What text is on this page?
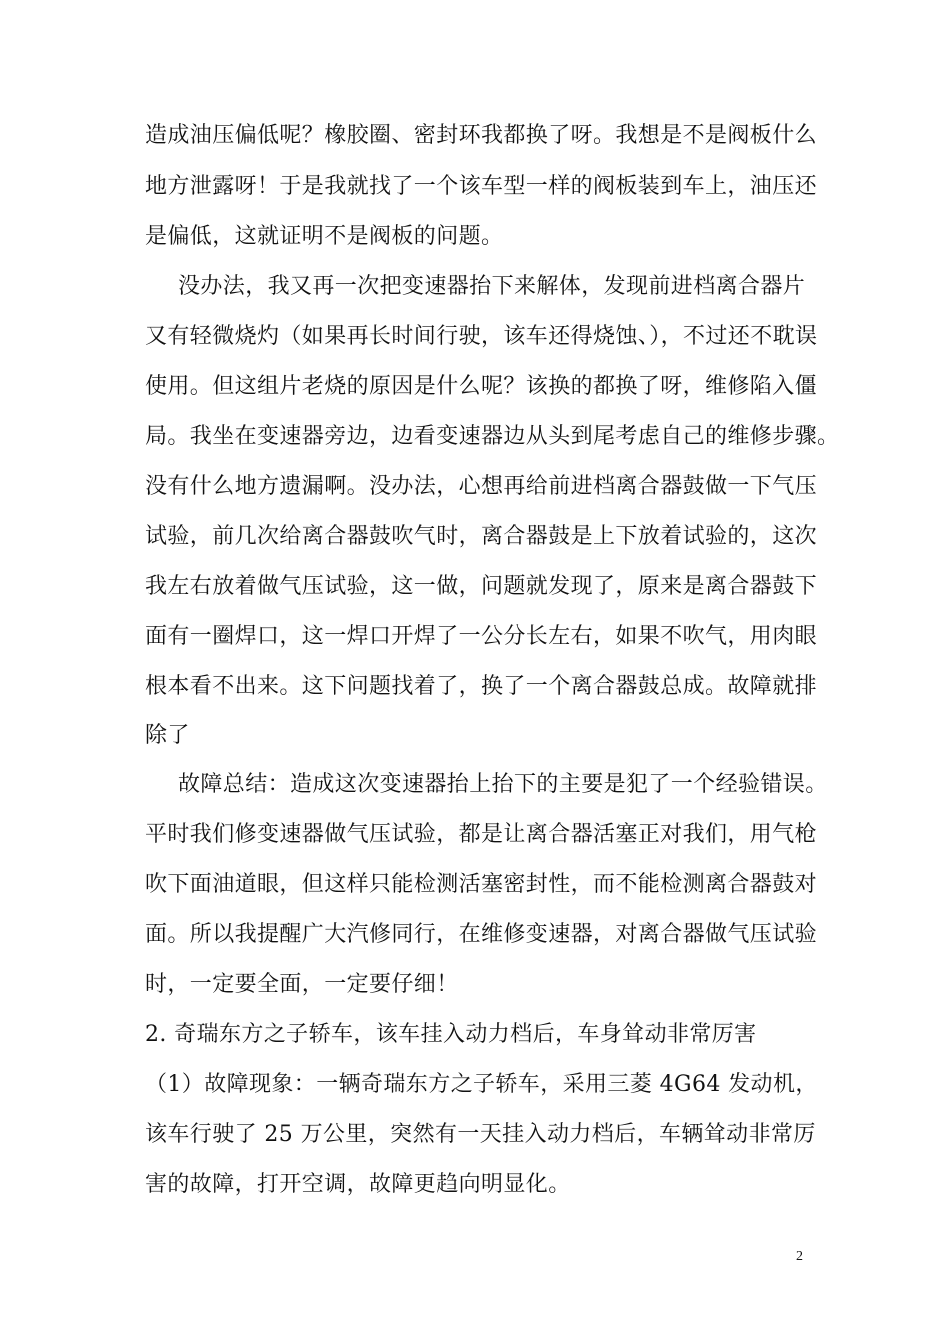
造成油压偏低呢？橡胶圈、密封环我都换了呀。我想是不是阀板什么
地方泄露呀！于是我就找了一个该车型一样的阀板装到车上，油压还
是偏低，这就证明不是阀板的问题。
没办法，我又再一次把变速器抬下来解体，发现前进档离合器片
又有轻微烧灼（如果再长时间行驶，该车还得烧蚀、），不过还不耽误
使用。但这组片老烧的原因是什么呢？该换的都换了呀，维修陷入僵
局。我坐在变速器旁边，边看变速器边从头到尾考虑自己的维修步骤。
没有什么地方遗漏啊。没办法，心想再给前进档离合器鼓做一下气压
试验，前几次给离合器鼓吹气时，离合器鼓是上下放着试验的，这次
我左右放着做气压试验，这一做，问题就发现了，原来是离合器鼓下
面有一圈焊口，这一焊口开焊了一公分长左右，如果不吹气，用肉眼
根本看不出来。这下问题找着了，换了一个离合器鼓总成。故障就排
除了
故障总结：造成这次变速器抬上抬下的主要是犯了一个经验错误。
平时我们修变速器做气压试验，都是让离合器活塞正对我们，用气枪
吹下面油道眼，但这样只能检测活塞密封性，而不能检测离合器鼓对
面。所以我提醒广大汽修同行，在维修变速器，对离合器做气压试验
时，一定要全面，一定要仔细！
2. 奇瑞东方之子轿车，该车挂入动力档后，车身耸动非常厉害
（1）故障现象：一辆奇瑞东方之子轿车，采用三菱 4G64 发动机，
该车行驶了 25 万公里，突然有一天挂入动力档后，车辆耸动非常厉
害的故障，打开空调，故障更趋向明显化。
2
